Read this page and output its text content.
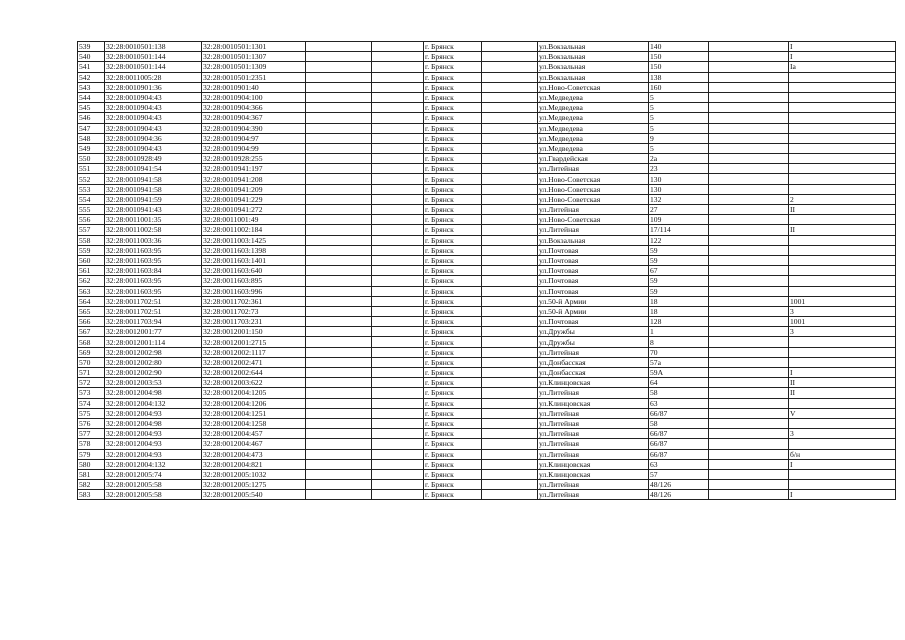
539	32:28:0010501:138	32:28:0010501:1301			г. Брянск		ул.Вокзальная	140		I
540	32:28:0010501:144	32:28:0010501:1307			г. Брянск		ул.Вокзальная	150		I
541	32:28:0010501:144	32:28:0010501:1309			г. Брянск		ул.Вокзальная	150		Ia
542	32:28:0011005:28	32:28:0010501:2351			г. Брянск		ул.Вокзальная	138		
543	32:28:0010901:36	32:28:0010901:40			г. Брянск		ул.Ново-Советская	160		
544	32:28:0010904:43	32:28:0010904:100			г. Брянск		ул.Медведева	5		
545	32:28:0010904:43	32:28:0010904:366			г. Брянск		ул.Медведева	5		
546	32:28:0010904:43	32:28:0010904:367			г. Брянск		ул.Медведева	5		
547	32:28:0010904:43	32:28:0010904:390			г. Брянск		ул.Медведева	5		
548	32:28:0010904:36	32:28:0010904:97			г. Брянск		ул.Медведева	9		
549	32:28:0010904:43	32:28:0010904:99			г. Брянск		ул.Медведева	5		
550	32:28:0010928:49	32:28:0010928:255			г. Брянск		ул.Гвардейская	2a		
551	32:28:0010941:54	32:28:0010941:197			г. Брянск		ул.Литейная	23		
552	32:28:0010941:58	32:28:0010941:208			г. Брянск		ул.Ново-Советская	130		
553	32:28:0010941:58	32:28:0010941:209			г. Брянск		ул.Ново-Советская	130		
554	32:28:0010941:59	32:28:0010941:229			г. Брянск		ул.Ново-Советская	132		2
555	32:28:0010941:43	32:28:0010941:272			г. Брянск		ул.Литейная	27		II
556	32:28:0011001:35	32:28:0011001:49			г. Брянск		ул.Ново-Советская	109		
557	32:28:0011002:58	32:28:0011002:184			г. Брянск		ул.Литейная	17/114		II
558	32:28:0011003:36	32:28:0011003:1425			г. Брянск		ул.Вокзальная	122		
559	32:28:0011603:95	32:28:0011603:1398			г. Брянск		ул.Почтовая	59		
560	32:28:0011603:95	32:28:0011603:1401			г. Брянск		ул.Почтовая	59		
561	32:28:0011603:84	32:28:0011603:640			г. Брянск		ул.Почтовая	67		
562	32:28:0011603:95	32:28:0011603:895			г. Брянск		ул.Почтовая	59		
563	32:28:0011603:95	32:28:0011603:996			г. Брянск		ул.Почтовая	59		
564	32:28:0011702:51	32:28:0011702:361			г. Брянск		ул.50-й Армии	18		1001
565	32:28:0011702:51	32:28:0011702:73			г. Брянск		ул.50-й Армии	18		3
566	32:28:0011703:94	32:28:0011703:231			г. Брянск		ул.Почтовая	128		1001
567	32:28:0012001:77	32:28:0012001:150			г. Брянск		ул.Дружбы	1		3
568	32:28:0012001:114	32:28:0012001:2715			г. Брянск		ул.Дружбы	8		
569	32:28:0012002:98	32:28:0012002:1117			г. Брянск		ул.Литейная	70		
570	32:28:0012002:80	32:28:0012002:471			г. Брянск		ул.Донбасская	57a		
571	32:28:0012002:90	32:28:0012002:644			г. Брянск		ул.Донбасская	59A		I
572	32:28:0012003:53	32:28:0012003:622			г. Брянск		ул.Клинцовская	64		II
573	32:28:0012004:98	32:28:0012004:1205			г. Брянск		ул.Литейная	58		II
574	32:28:0012004:132	32:28:0012004:1206			г. Брянск		ул.Клинцовская	63		
575	32:28:0012004:93	32:28:0012004:1251			г. Брянск		ул.Литейная	66/87		V
576	32:28:0012004:98	32:28:0012004:1258			г. Брянск		ул.Литейная	58		
577	32:28:0012004:93	32:28:0012004:457			г. Брянск		ул.Литейная	66/87		3
578	32:28:0012004:93	32:28:0012004:467			г. Брянск		ул.Литейная	66/87		
579	32:28:0012004:93	32:28:0012004:473			г. Брянск		ул.Литейная	66/87		б/н
580	32:28:0012004:132	32:28:0012004:821			г. Брянск		ул.Клинцовская	63		I
581	32:28:0012005:74	32:28:0012005:1032			г. Брянск		ул.Клинцовская	57		
582	32:28:0012005:58	32:28:0012005:1275			г. Брянск		ул.Литейная	48/126		
583	32:28:0012005:58	32:28:0012005:540			г. Брянск		ул.Литейная	48/126		I
